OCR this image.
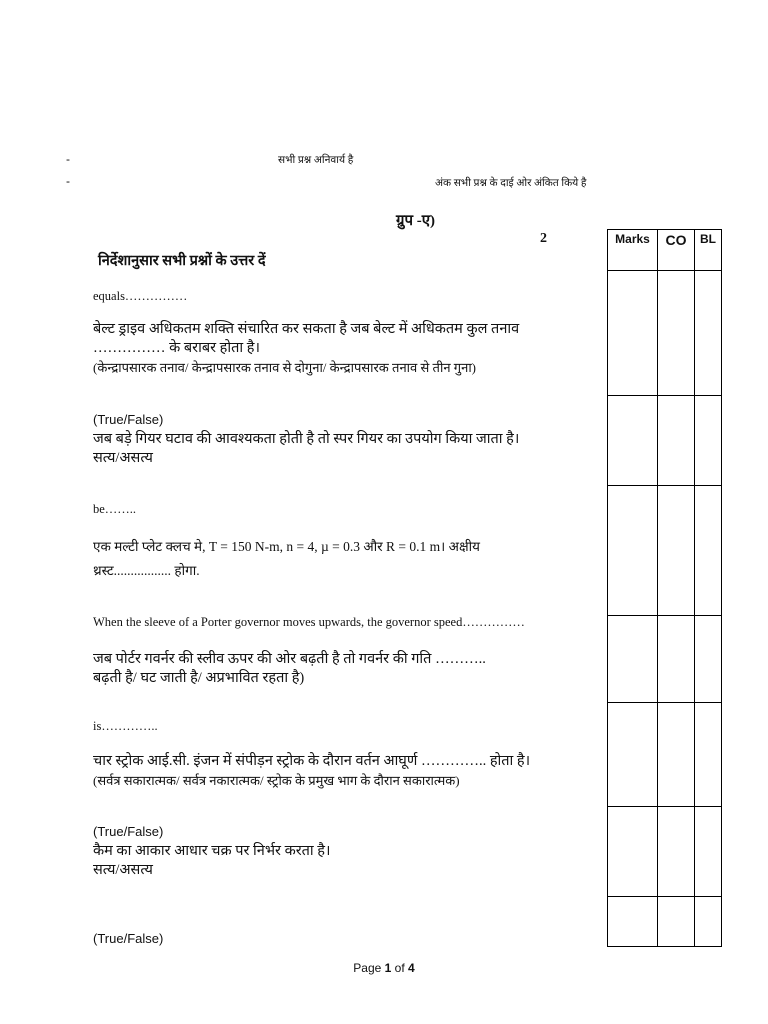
-	सभी प्रश्न अनिवार्य है
-	अंक सभी प्रश्न के दाई ओर अंकित किये है
ग्रुप -ए)
2
निर्देशानुसार सभी प्रश्नों के उत्तर दें
Marks	CO	BL

equals……………
बेल्ट ड्राइव अधिकतम शक्ति संचारित कर सकता है जब बेल्ट में अधिकतम कुल तनाव
…………… के बराबर होता है।
(केन्द्रापसारक तनाव/ केन्द्रापसारक तनाव से दोगुना/ केन्द्रापसारक तनाव से तीन गुना)
(True/False)
जब बड़े गियर घटाव की आवश्यकता होती है तो स्पर गियर का उपयोग किया जाता है।
सत्य/असत्य
be……..
एक मल्टी प्लेट क्लच मे, T = 150 N-m, n = 4, µ = 0.3 और R = 0.1 m। अक्षीय
थ्रस्ट................. होगा.
When the sleeve of a Porter governor moves upwards, the governor speed……………
जब पोर्टर गवर्नर की स्लीव ऊपर की ओर बढ़ती है तो गवर्नर की गति ………..
बढ़ती है/ घट जाती है/ अप्रभावित रहता है)
is…………..
चार स्ट्रोक आई.सी. इंजन में संपीड़न स्ट्रोक के दौरान वर्तन आघूर्ण ………….. होता है।
(सर्वत्र सकारात्मक/ सर्वत्र नकारात्मक/ स्ट्रोक के प्रमुख भाग के दौरान सकारात्मक)
(True/False)
कैम का आकार आधार चक्र पर निर्भर करता है।
सत्य/असत्य
(True/False)
Page 1 of 4
